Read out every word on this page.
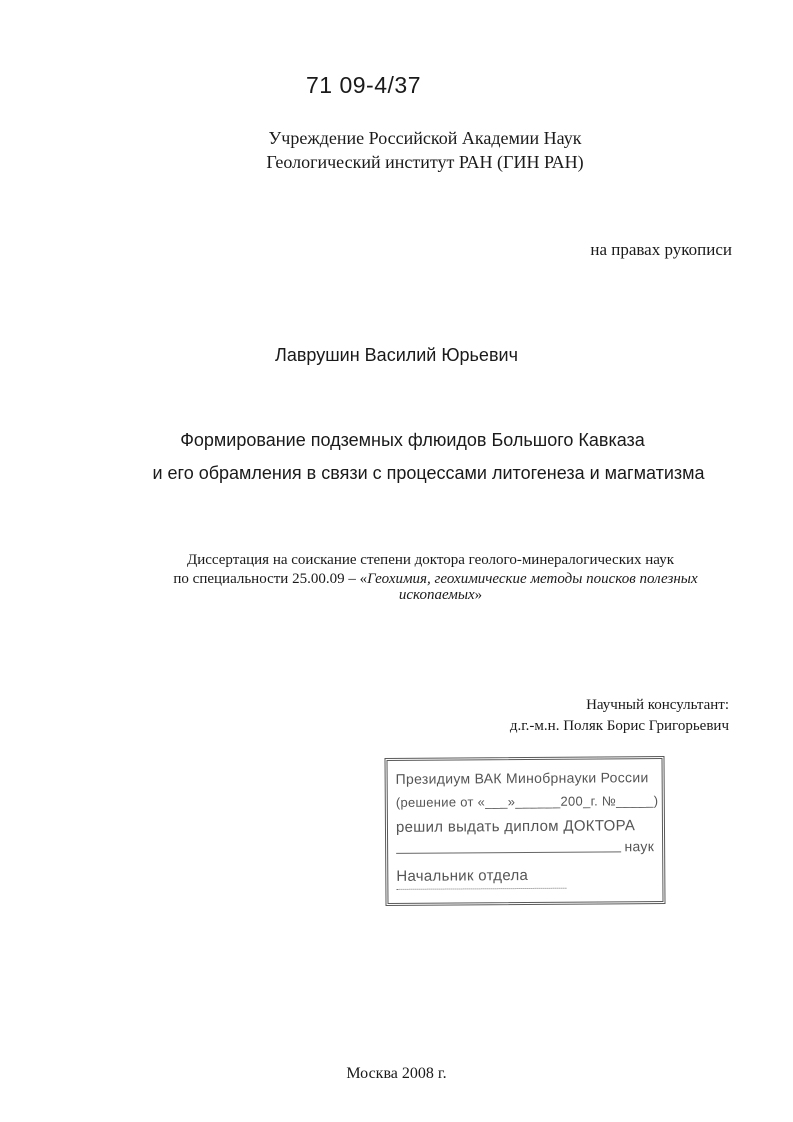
71 09-4/37
Учреждение Российской Академии Наук
Геологический институт РАН (ГИН РАН)
на правах рукописи
Лаврушин Василий Юрьевич
Формирование подземных флюидов Большого Кавказа
и его обрамления в связи с процессами литогенеза и магматизма
Диссертация на соискание степени доктора геолого-минералогических наук
по специальности 25.00.09 – «Геохимия, геохимические методы поисков полезных
ископаемых»
Научный консультант:
д.г.-м.н. Поляк Борис Григорьевич
Президиум ВАК Минобрнауки России
(решение от «___»______200_г. №_____)
решил выдать диплом ДОКТОРА
наук
Начальник отдела
Москва 2008 г.
